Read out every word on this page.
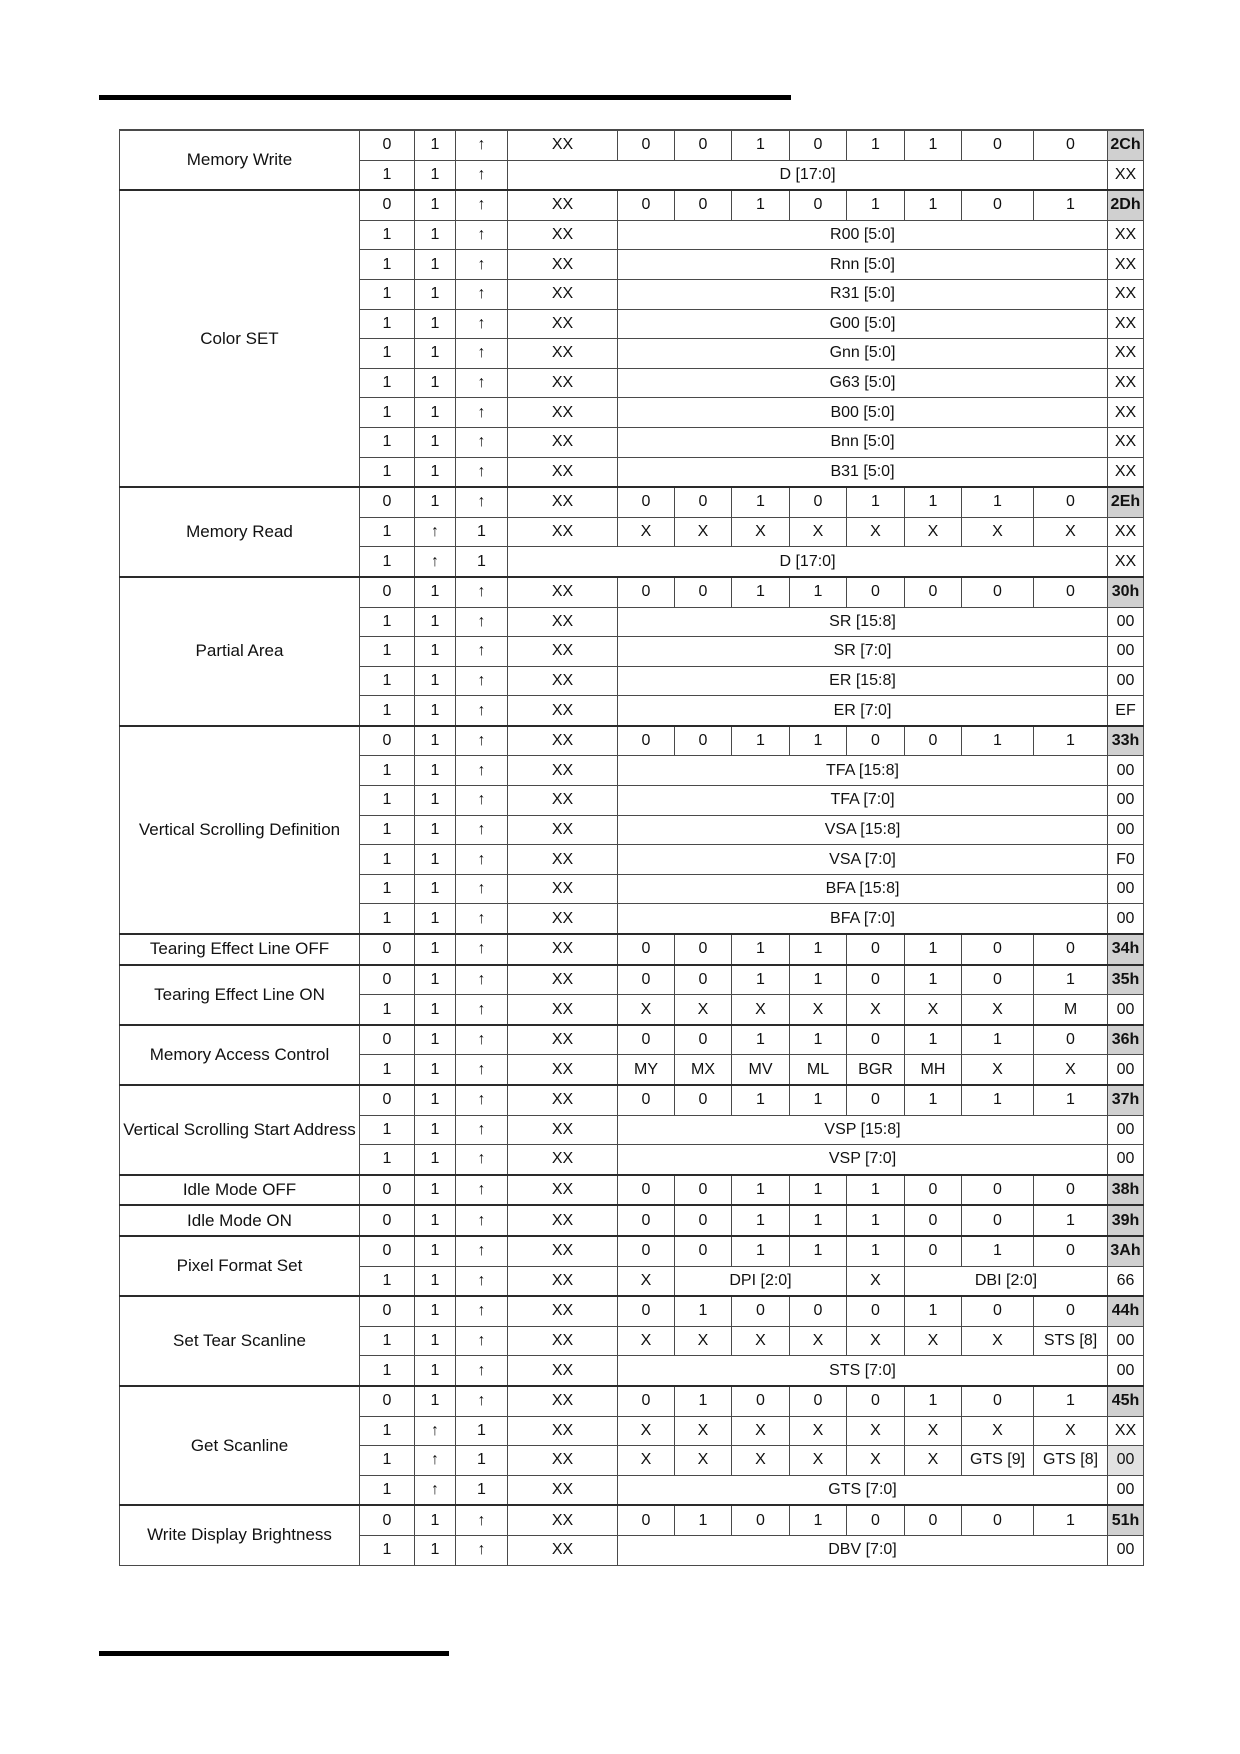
Memory Write	0	1	↑	XX	0	0	1	0	1	1	0	0	2Ch
	1	1	↑	D [17:0]									XX
Color SET	0	1	↑	XX	0	0	1	0	1	1	0	1	2Dh
	1	1	↑	XX	R00 [5:0]								XX
	1	1	↑	XX	Rnn [5:0]								XX
	1	1	↑	XX	R31 [5:0]								XX
	1	1	↑	XX	G00 [5:0]								XX
	1	1	↑	XX	Gnn [5:0]								XX
	1	1	↑	XX	G63 [5:0]								XX
	1	1	↑	XX	B00 [5:0]								XX
	1	1	↑	XX	Bnn [5:0]								XX
	1	1	↑	XX	B31 [5:0]								XX
Memory Read	0	1	↑	XX	0	0	1	0	1	1	1	0	2Eh
	1	↑	1	XX	X	X	X	X	X	X	X	X	XX
	1	↑	1	D [17:0]									XX
Partial Area	0	1	↑	XX	0	0	1	1	0	0	0	0	30h
	1	1	↑	XX	SR [15:8]								00
	1	1	↑	XX	SR [7:0]								00
	1	1	↑	XX	ER [15:8]								00
	1	1	↑	XX	ER [7:0]								EF
Vertical Scrolling Definition	0	1	↑	XX	0	0	1	1	0	0	1	1	33h
	1	1	↑	XX	TFA [15:8]								00
	1	1	↑	XX	TFA [7:0]								00
	1	1	↑	XX	VSA [15:8]								00
	1	1	↑	XX	VSA [7:0]								F0
	1	1	↑	XX	BFA [15:8]								00
	1	1	↑	XX	BFA [7:0]								00
Tearing Effect Line OFF	0	1	↑	XX	0	0	1	1	0	1	0	0	34h
Tearing Effect Line ON	0	1	↑	XX	0	0	1	1	0	1	0	1	35h
	1	1	↑	XX	X	X	X	X	X	X	X	M	00
Memory Access Control	0	1	↑	XX	0	0	1	1	0	1	1	0	36h
	1	1	↑	XX	MY	MX	MV	ML	BGR	MH	X	X	00
Vertical Scrolling Start Address	0	1	↑	XX	0	0	1	1	0	1	1	1	37h
	1	1	↑	XX	VSP [15:8]								00
	1	1	↑	XX	VSP [7:0]								00
Idle Mode OFF	0	1	↑	XX	0	0	1	1	1	0	0	0	38h
Idle Mode ON	0	1	↑	XX	0	0	1	1	1	0	0	1	39h
Pixel Format Set	0	1	↑	XX	0	0	1	1	1	0	1	0	3Ah
	1	1	↑	XX	X	DPI [2:0]			X	DBI [2:0]			66
Set Tear Scanline	0	1	↑	XX	0	1	0	0	0	1	0	0	44h
	1	1	↑	XX	X	X	X	X	X	X	X	STS [8]	00
	1	1	↑	XX	STS [7:0]								00
Get Scanline	0	1	↑	XX	0	1	0	0	0	1	0	1	45h
	1	↑	1	XX	X	X	X	X	X	X	X	X	XX
	1	↑	1	XX	X	X	X	X	X	X	GTS [9]	GTS [8]	00
	1	↑	1	XX	GTS [7:0]								00
Write Display Brightness	0	1	↑	XX	0	1	0	1	0	0	0	1	51h
	1	1	↑	XX	DBV [7:0]								00
